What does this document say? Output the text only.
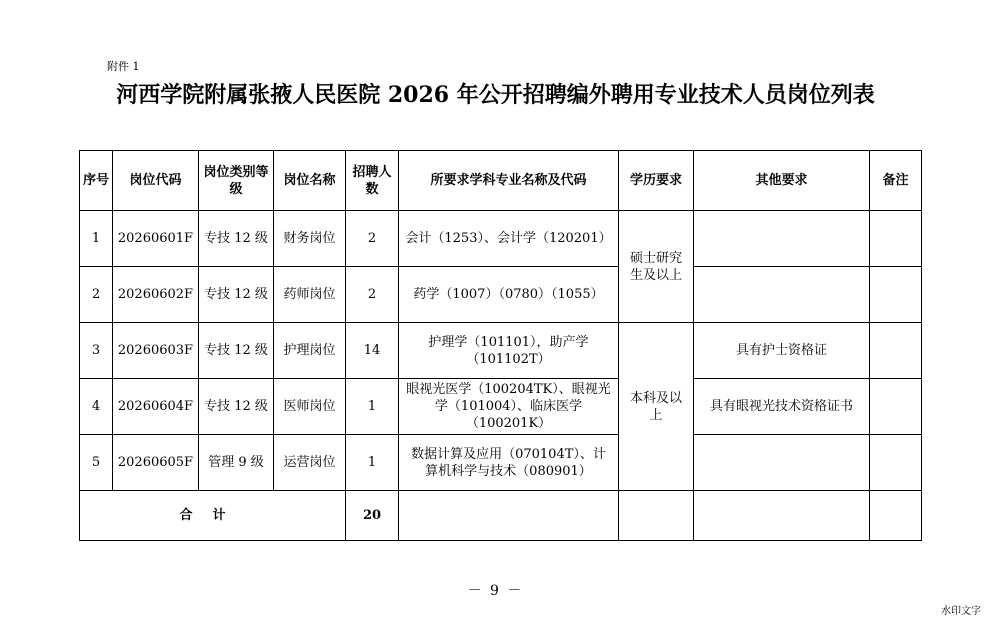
附件 1
河西学院附属张掖人民医院 2026 年公开招聘编外聘用专业技术人员岗位列表
序号	岗位代码	岗位类别等级	岗位名称	招聘人数	所要求学科专业名称及代码	学历要求	其他要求	备注
1	20260601F	专技 12 级	财务岗位	2	会计（1253）、会计学（120201）	硕士研究生及以上		
2	20260602F	专技 12 级	药师岗位	2	药学（1007）（0780）（1055）			
3	20260603F	专技 12 级	护理岗位	14	护理学（101101），助产学（101102T）	本科及以上	具有护士资格证	
4	20260604F	专技 12 级	医师岗位	1	眼视光医学（100204TK）、眼视光学（101004）、临床医学（100201K）		具有眼视光技术资格证书	
5	20260605F	管理 9 级	运营岗位	1	数据计算及应用（070104T）、计算机科学与技术（080901）			
合计				20				
－ 9 －
水印文字
